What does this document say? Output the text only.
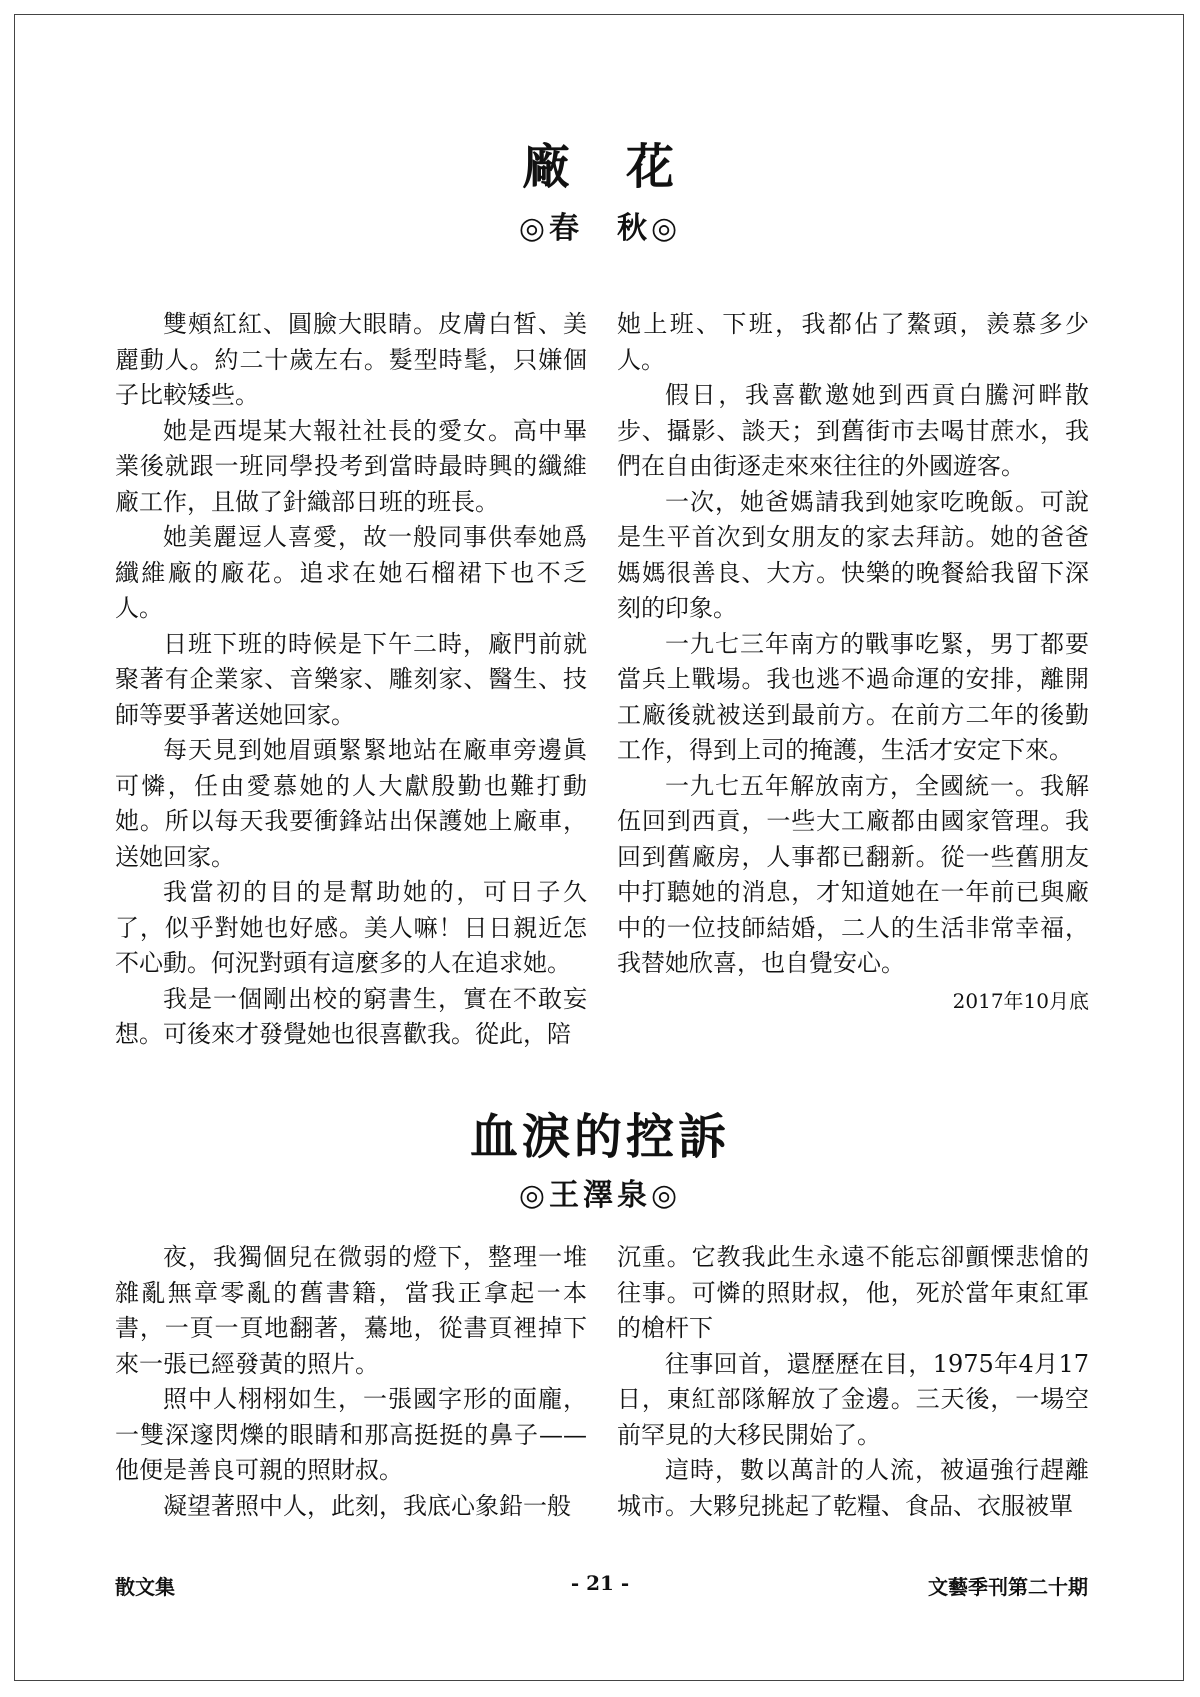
廠　花
◎春　秋◎

雙頰紅紅、圓臉大眼睛。皮膚白皙、美麗動人。約二十歲左右。髮型時髦，只嫌個子比較矮些。

她是西堤某大報社社長的愛女。高中畢業後就跟一班同學投考到當時最時興的纖維廠工作，且做了針織部日班的班長。

她美麗逗人喜愛，故一般同事供奉她爲纖維廠的廠花。追求在她石榴裙下也不乏人。

日班下班的時候是下午二時，廠門前就聚著有企業家、音樂家、雕刻家、醫生、技師等要爭著送她回家。

每天見到她眉頭緊緊地站在廠車旁邊眞可憐，任由愛慕她的人大獻殷勤也難打動她。所以每天我要衝鋒站出保護她上廠車，送她回家。

我當初的目的是幫助她的，可日子久了，似乎對她也好感。美人嘛！日日親近怎不心動。何況對頭有這麼多的人在追求她。

我是一個剛出校的窮書生，實在不敢妄想。可後來才發覺她也很喜歡我。從此，陪

她上班、下班，我都佔了鰲頭，羨慕多少人。

假日，我喜歡邀她到西貢白騰河畔散步、攝影、談天；到舊街市去喝甘蔗水，我們在自由街逐走來來往往的外國遊客。

一次，她爸媽請我到她家吃晚飯。可說是生平首次到女朋友的家去拜訪。她的爸爸媽媽很善良、大方。快樂的晚餐給我留下深刻的印象。

一九七三年南方的戰事吃緊，男丁都要當兵上戰場。我也逃不過命運的安排，離開工廠後就被送到最前方。在前方二年的後勤工作，得到上司的掩護，生活才安定下來。

一九七五年解放南方，全國統一。我解伍回到西貢，一些大工廠都由國家管理。我回到舊廠房，人事都已翻新。從一些舊朋友中打聽她的消息，才知道她在一年前已與廠中的一位技師結婚，二人的生活非常幸福，我替她欣喜，也自覺安心。

2017年10月底
血淚的控訴
◎王澤泉◎

夜，我獨個兒在微弱的燈下，整理一堆雜亂無章零亂的舊書籍，當我正拿起一本書，一頁一頁地翻著，驀地，從書頁裡掉下來一張已經發黃的照片。

照中人栩栩如生，一張國字形的面龐，一雙深邃閃爍的眼睛和那高挺挺的鼻子——他便是善良可親的照財叔。

凝望著照中人，此刻，我底心象鉛一般

沉重。它教我此生永遠不能忘卻顫慄悲愴的往事。可憐的照財叔，他，死於當年東紅軍的槍杆下

往事回首，還歷歷在目，1975年4月17日，東紅部隊解放了金邊。三天後，一場空前罕見的大移民開始了。

這時，數以萬計的人流，被逼強行趕離城市。大夥兒挑起了乾糧、食品、衣服被單

散文集	- 21 -	文藝季刊第二十期
